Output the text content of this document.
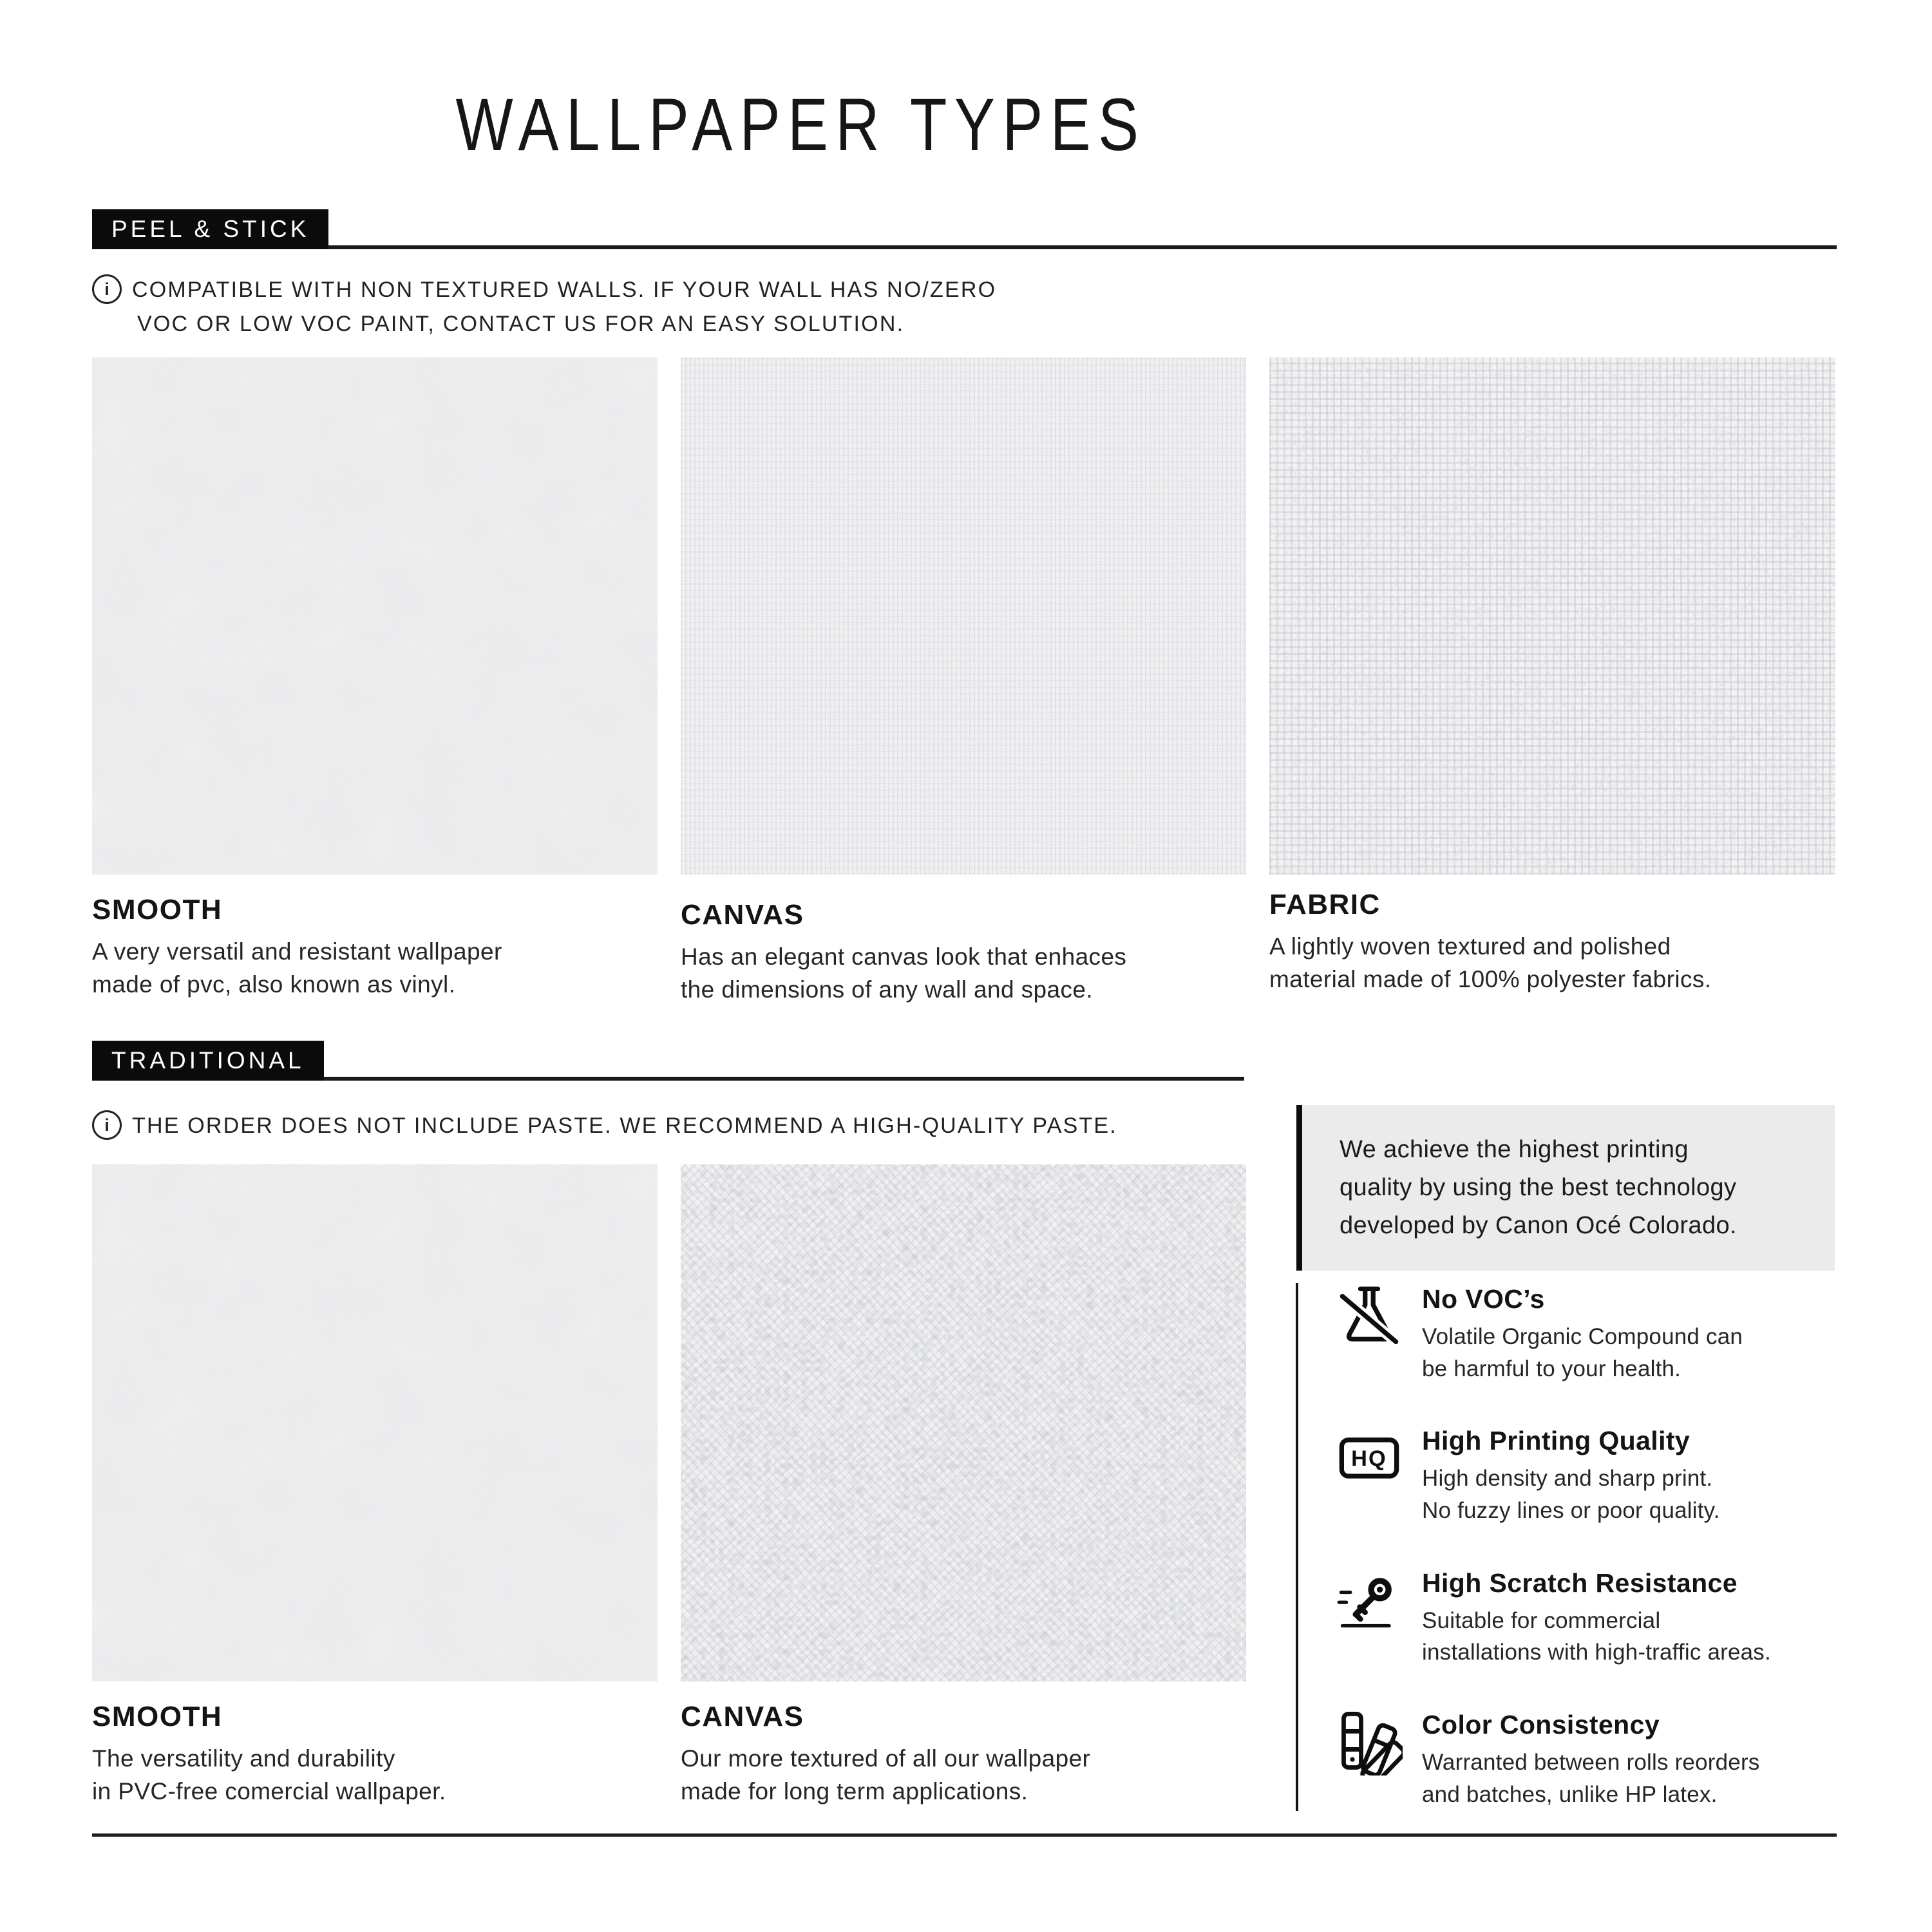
WALLPAPER TYPES
PEEL & STICK
i	COMPATIBLE WITH NON TEXTURED WALLS. IF YOUR WALL HAS NO/ZERO
VOC OR LOW VOC PAINT, CONTACT US FOR AN EASY SOLUTION.
SMOOTH
A very versatil and resistant wallpaper
made of pvc, also known as vinyl.
CANVAS
Has an elegant canvas look that enhaces
the dimensions of any wall and space.
FABRIC
A lightly woven textured and polished
material made of 100% polyester fabrics.
TRADITIONAL
i	THE ORDER DOES NOT INCLUDE PASTE. WE RECOMMEND A HIGH-QUALITY PASTE.
SMOOTH
The versatility and durability
in PVC-free comercial wallpaper.
CANVAS
Our more textured of all our wallpaper
made for long term applications.
We achieve the highest printing
quality by using the best technology
developed by Canon Océ Colorado.
No VOC’s
Volatile Organic Compound can
be harmful to your health.
HQ
High Printing Quality
High density and sharp print.
No fuzzy lines or poor quality.
High Scratch Resistance
Suitable for commercial
installations with high-traffic areas.
Color Consistency
Warranted between rolls reorders
and batches, unlike HP latex.
